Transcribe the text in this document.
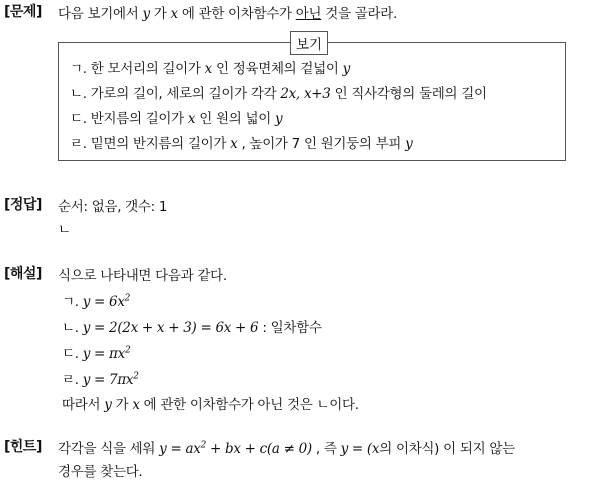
[문제] 다음 보기에서 y 가 x 에 관한 이차함수가 아닌 것을 골라라.
보기
ㄱ. 한 모서리의 길이가 x 인 정육면체의 겉넓이 y
ㄴ. 가로의 길이, 세로의 길이가 각각 2x, x+3 인 직사각형의 둘레의 길이
ㄷ. 반지름의 길이가 x 인 원의 넓이 y
ㄹ. 밑면의 반지름의 길이가 x , 높이가 7 인 원기둥의 부피 y
[정답] 순서: 없음, 갯수: 1
ㄴ
[해설] 식으로 나타내면 다음과 같다.
ㄱ. $y = 6x^2$
ㄴ. y = 2(2x + x + 3) = 6x + 6 : 일차함수
ㄷ. $y = \pi x^2$
ㄹ. $y = 7\pi x^2$
따라서 y 가 x 에 관한 이차함수가 아닌 것은 ㄴ이다.
[힌트] 각각을 식을 세워 $y = ax^2$ + bx + c(a ≠ 0) , 즉 y = (x의 이차식) 이 되지 않는
경우를 찾는다.
